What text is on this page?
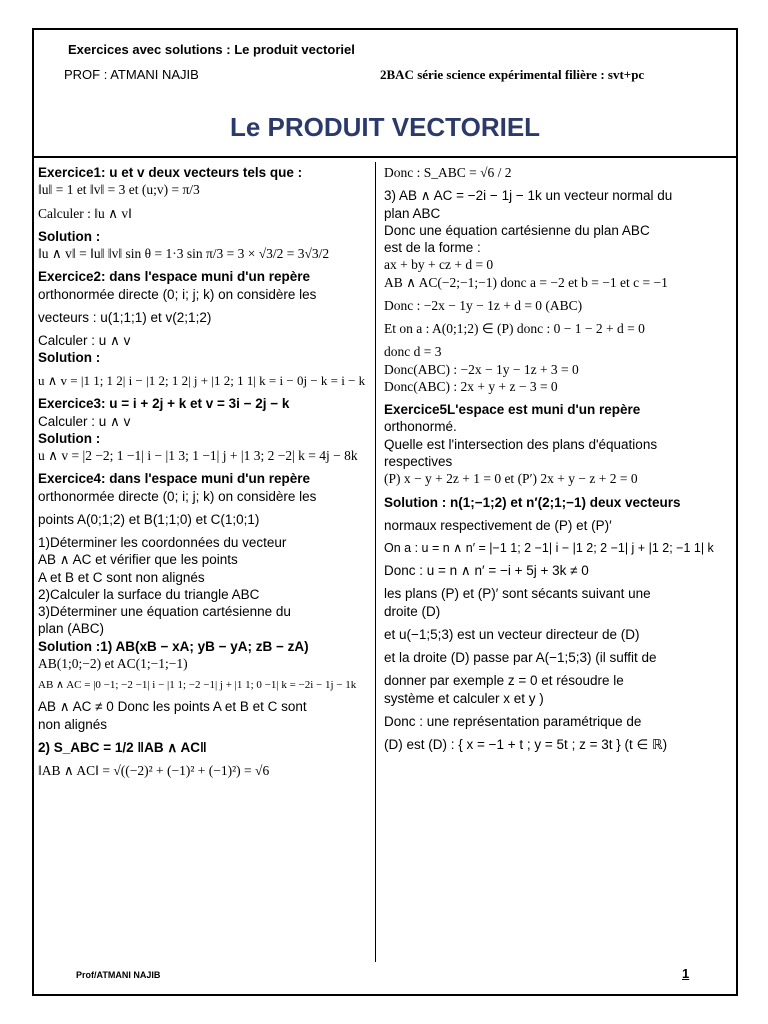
Exercices avec solutions : Le produit vectoriel
PROF : ATMANI NAJIB	2BAC série science expérimental filière : svt+pc
Le PRODUIT VECTORIEL
Exercice1: u et v deux vecteurs tels que :
‖u‖ = 1 et ‖v‖ = 3 et (u;v) = π/3
Calculer : ‖u ∧ v‖
Solution :
‖u ∧ v‖ = ‖u‖ ‖v‖ sin θ = 1·3 sin π/3 = 3 × √3/2 = 3√3/2
Exercice2: dans l'espace muni d'un repère
orthonormée directe (0; i; j; k) on considère les
vecteurs : u(1;1;1) et v(2;1;2)
Calculer : u ∧ v
Solution :
u ∧ v = |1 1; 1 2| i − |1 2; 1 2| j + |1 2; 1 1| k = i − 0j − k = i − k
Exercice3: u = i + 2j + k et v = 3i − 2j − k
Calculer : u ∧ v
Solution :
u ∧ v = |2 −2; 1 −1| i − |1 3; 1 −1| j + |1 3; 2 −2| k = 4j − 8k
Exercice4: dans l'espace muni d'un repère
orthonormée directe (0; i; j; k) on considère les
points A(0;1;2) et B(1;1;0) et C(1;0;1)
1)Déterminer les coordonnées du vecteur
AB ∧ AC et vérifier que les points
A et B et C sont non alignés
2)Calculer la surface du triangle ABC
3)Déterminer une équation cartésienne du
plan (ABC)
Solution :1) AB(xB − xA; yB − yA; zB − zA)
AB(1;0;−2) et AC(1;−1;−1)
AB ∧ AC = |0 −1; −2 −1| i − |1 1; −2 −1| j + |1 1; 0 −1| k = −2i − 1j − 1k
AB ∧ AC ≠ 0 Donc les points A et B et C sont
non alignés
2) S_ABC = 1/2 ‖AB ∧ AC‖
‖AB ∧ AC‖ = √((−2)² + (−1)² + (−1)²) = √6
Donc : S_ABC = √6 / 2
3) AB ∧ AC = −2i − 1j − 1k un vecteur normal du
plan ABC
Donc une équation cartésienne du plan ABC
est de la forme :
ax + by + cz + d = 0
AB ∧ AC(−2;−1;−1) donc a = −2 et b = −1 et c = −1
Donc : −2x − 1y − 1z + d = 0 (ABC)
Et on a : A(0;1;2) ∈ (P) donc : 0 − 1 − 2 + d = 0
donc d = 3
Donc(ABC) : −2x − 1y − 1z + 3 = 0
Donc(ABC) : 2x + y + z − 3 = 0
Exercice5L'espace est muni d'un repère
orthonormé.
Quelle est l'intersection des plans d'équations
respectives
(P) x − y + 2z + 1 = 0 et (P′) 2x + y − z + 2 = 0
Solution : n(1;−1;2) et n′(2;1;−1) deux vecteurs
normaux respectivement de (P) et (P)′
On a : u = n ∧ n′ = |−1 1; 2 −1| i − |1 2; 2 −1| j + |1 2; −1 1| k
Donc : u = n ∧ n′ = −i + 5j + 3k ≠ 0
les plans (P) et (P)′ sont sécants suivant une
droite (D)
et u(−1;5;3) est un vecteur directeur de (D)
et la droite (D) passe par A(−1;5;3) (il suffit de
donner par exemple z = 0 et résoudre le
système et calculer x et y )
Donc : une représentation paramétrique de
(D) est (D) : { x = −1 + t ; y = 5t ; z = 3t } (t ∈ ℝ)
Prof/ATMANI NAJIB	1
